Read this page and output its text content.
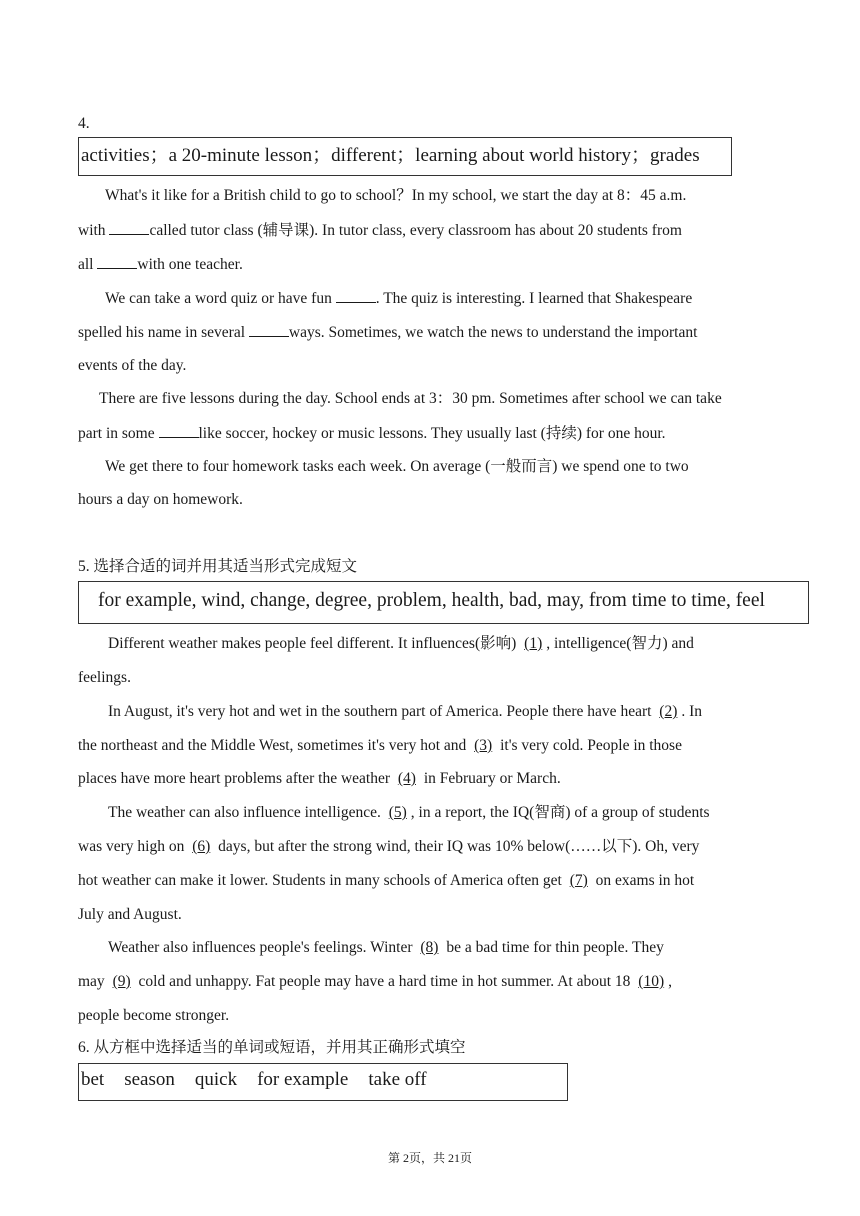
4.
activities；a 20-minute lesson；different；learning about world history；grades
What's it like for a British child to go to school？In my school, we start the day at 8：45 a.m.
with	called tutor class (辅导课). In tutor class, every classroom has about 20 students from
all	with one teacher.
We can take a word quiz or have fun	. The quiz is interesting. I learned that Shakespeare
spelled his name in several	ways. Sometimes, we watch the news to understand the important
events of the day.
There are five lessons during the day. School ends at 3：30 pm. Sometimes after school we can take
part in some	like soccer, hockey or music lessons. They usually last (持续) for one hour.
We get there to four homework tasks each week. On average (一般而言) we spend one to two
hours a day on homework.
5. 选择合适的词并用其适当形式完成短文
for example, wind, change, degree, problem, health, bad, may, from time to time, feel
Different weather makes people feel different. It influences(影响) (1) , intelligence(智力) and
feelings.
In August, it's very hot and wet in the southern part of America. People there have heart (2) . In
the northeast and the Middle West, sometimes it's very hot and (3) it's very cold. People in those
places have more heart problems after the weather (4) in February or March.
The weather can also influence intelligence. (5) , in a report, the IQ(智商) of a group of students
was very high on (6) days, but after the strong wind, their IQ was 10% below(……以下). Oh, very
hot weather can make it lower. Students in many schools of America often get (7) on exams in hot
July and August.
Weather also influences people's feelings. Winter (8) be a bad time for thin people. They
may (9) cold and unhappy. Fat people may have a hard time in hot summer. At about 18 (10) ,
people become stronger.
6. 从方框中选择适当的单词或短语，并用其正确形式填空
bet season quick for example take off
第 2页，共 21页
